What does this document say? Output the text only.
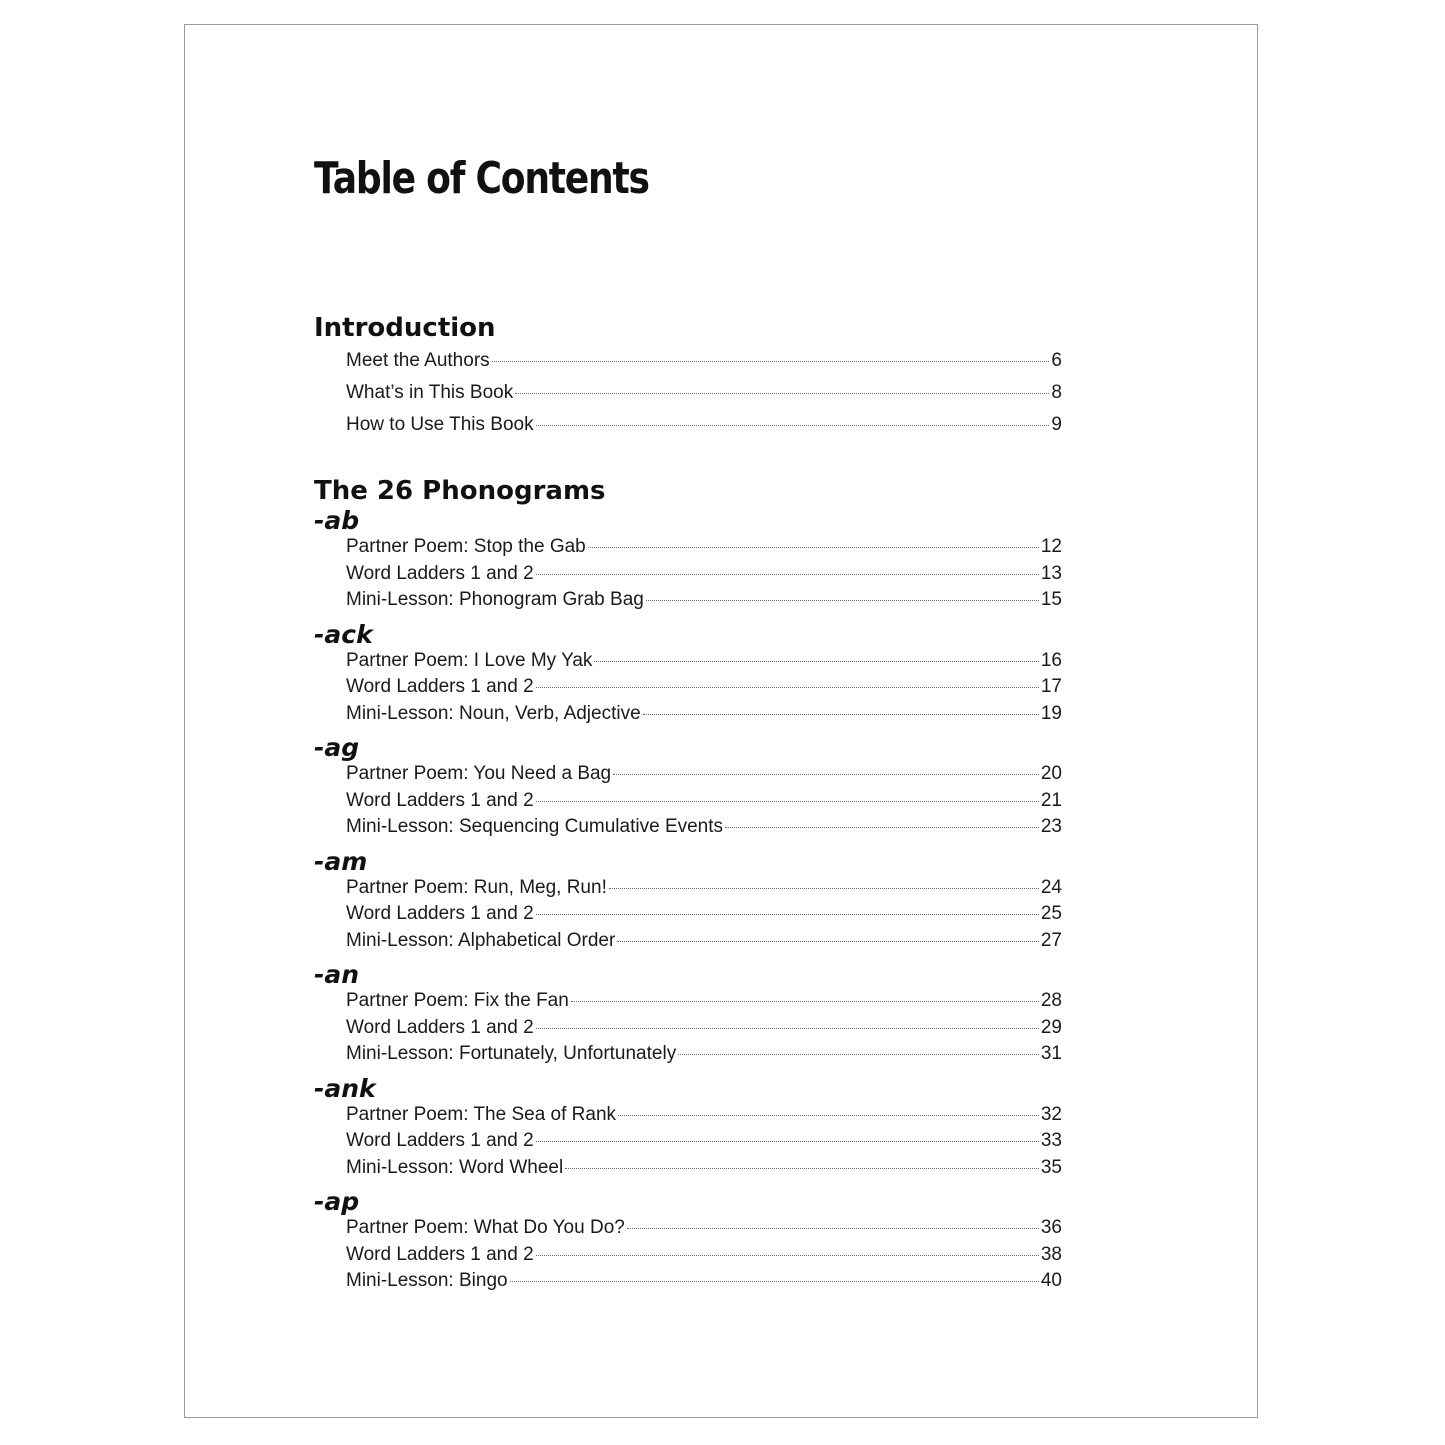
Table of Contents
Introduction
Meet the Authors	6
What’s in This Book	8
How to Use This Book	9
The 26 Phonograms
-ab
Partner Poem: Stop the Gab	12
Word Ladders 1 and 2	13
Mini-Lesson: Phonogram Grab Bag	15
-ack
Partner Poem: I Love My Yak	16
Word Ladders 1 and 2	17
Mini-Lesson: Noun, Verb, Adjective	19
-ag
Partner Poem: You Need a Bag	20
Word Ladders 1 and 2	21
Mini-Lesson: Sequencing Cumulative Events	23
-am
Partner Poem: Run, Meg, Run!	24
Word Ladders 1 and 2	25
Mini-Lesson: Alphabetical Order	27
-an
Partner Poem: Fix the Fan	28
Word Ladders 1 and 2	29
Mini-Lesson: Fortunately, Unfortunately	31
-ank
Partner Poem: The Sea of Rank	32
Word Ladders 1 and 2	33
Mini-Lesson: Word Wheel	35
-ap
Partner Poem: What Do You Do?	36
Word Ladders 1 and 2	38
Mini-Lesson: Bingo	40
